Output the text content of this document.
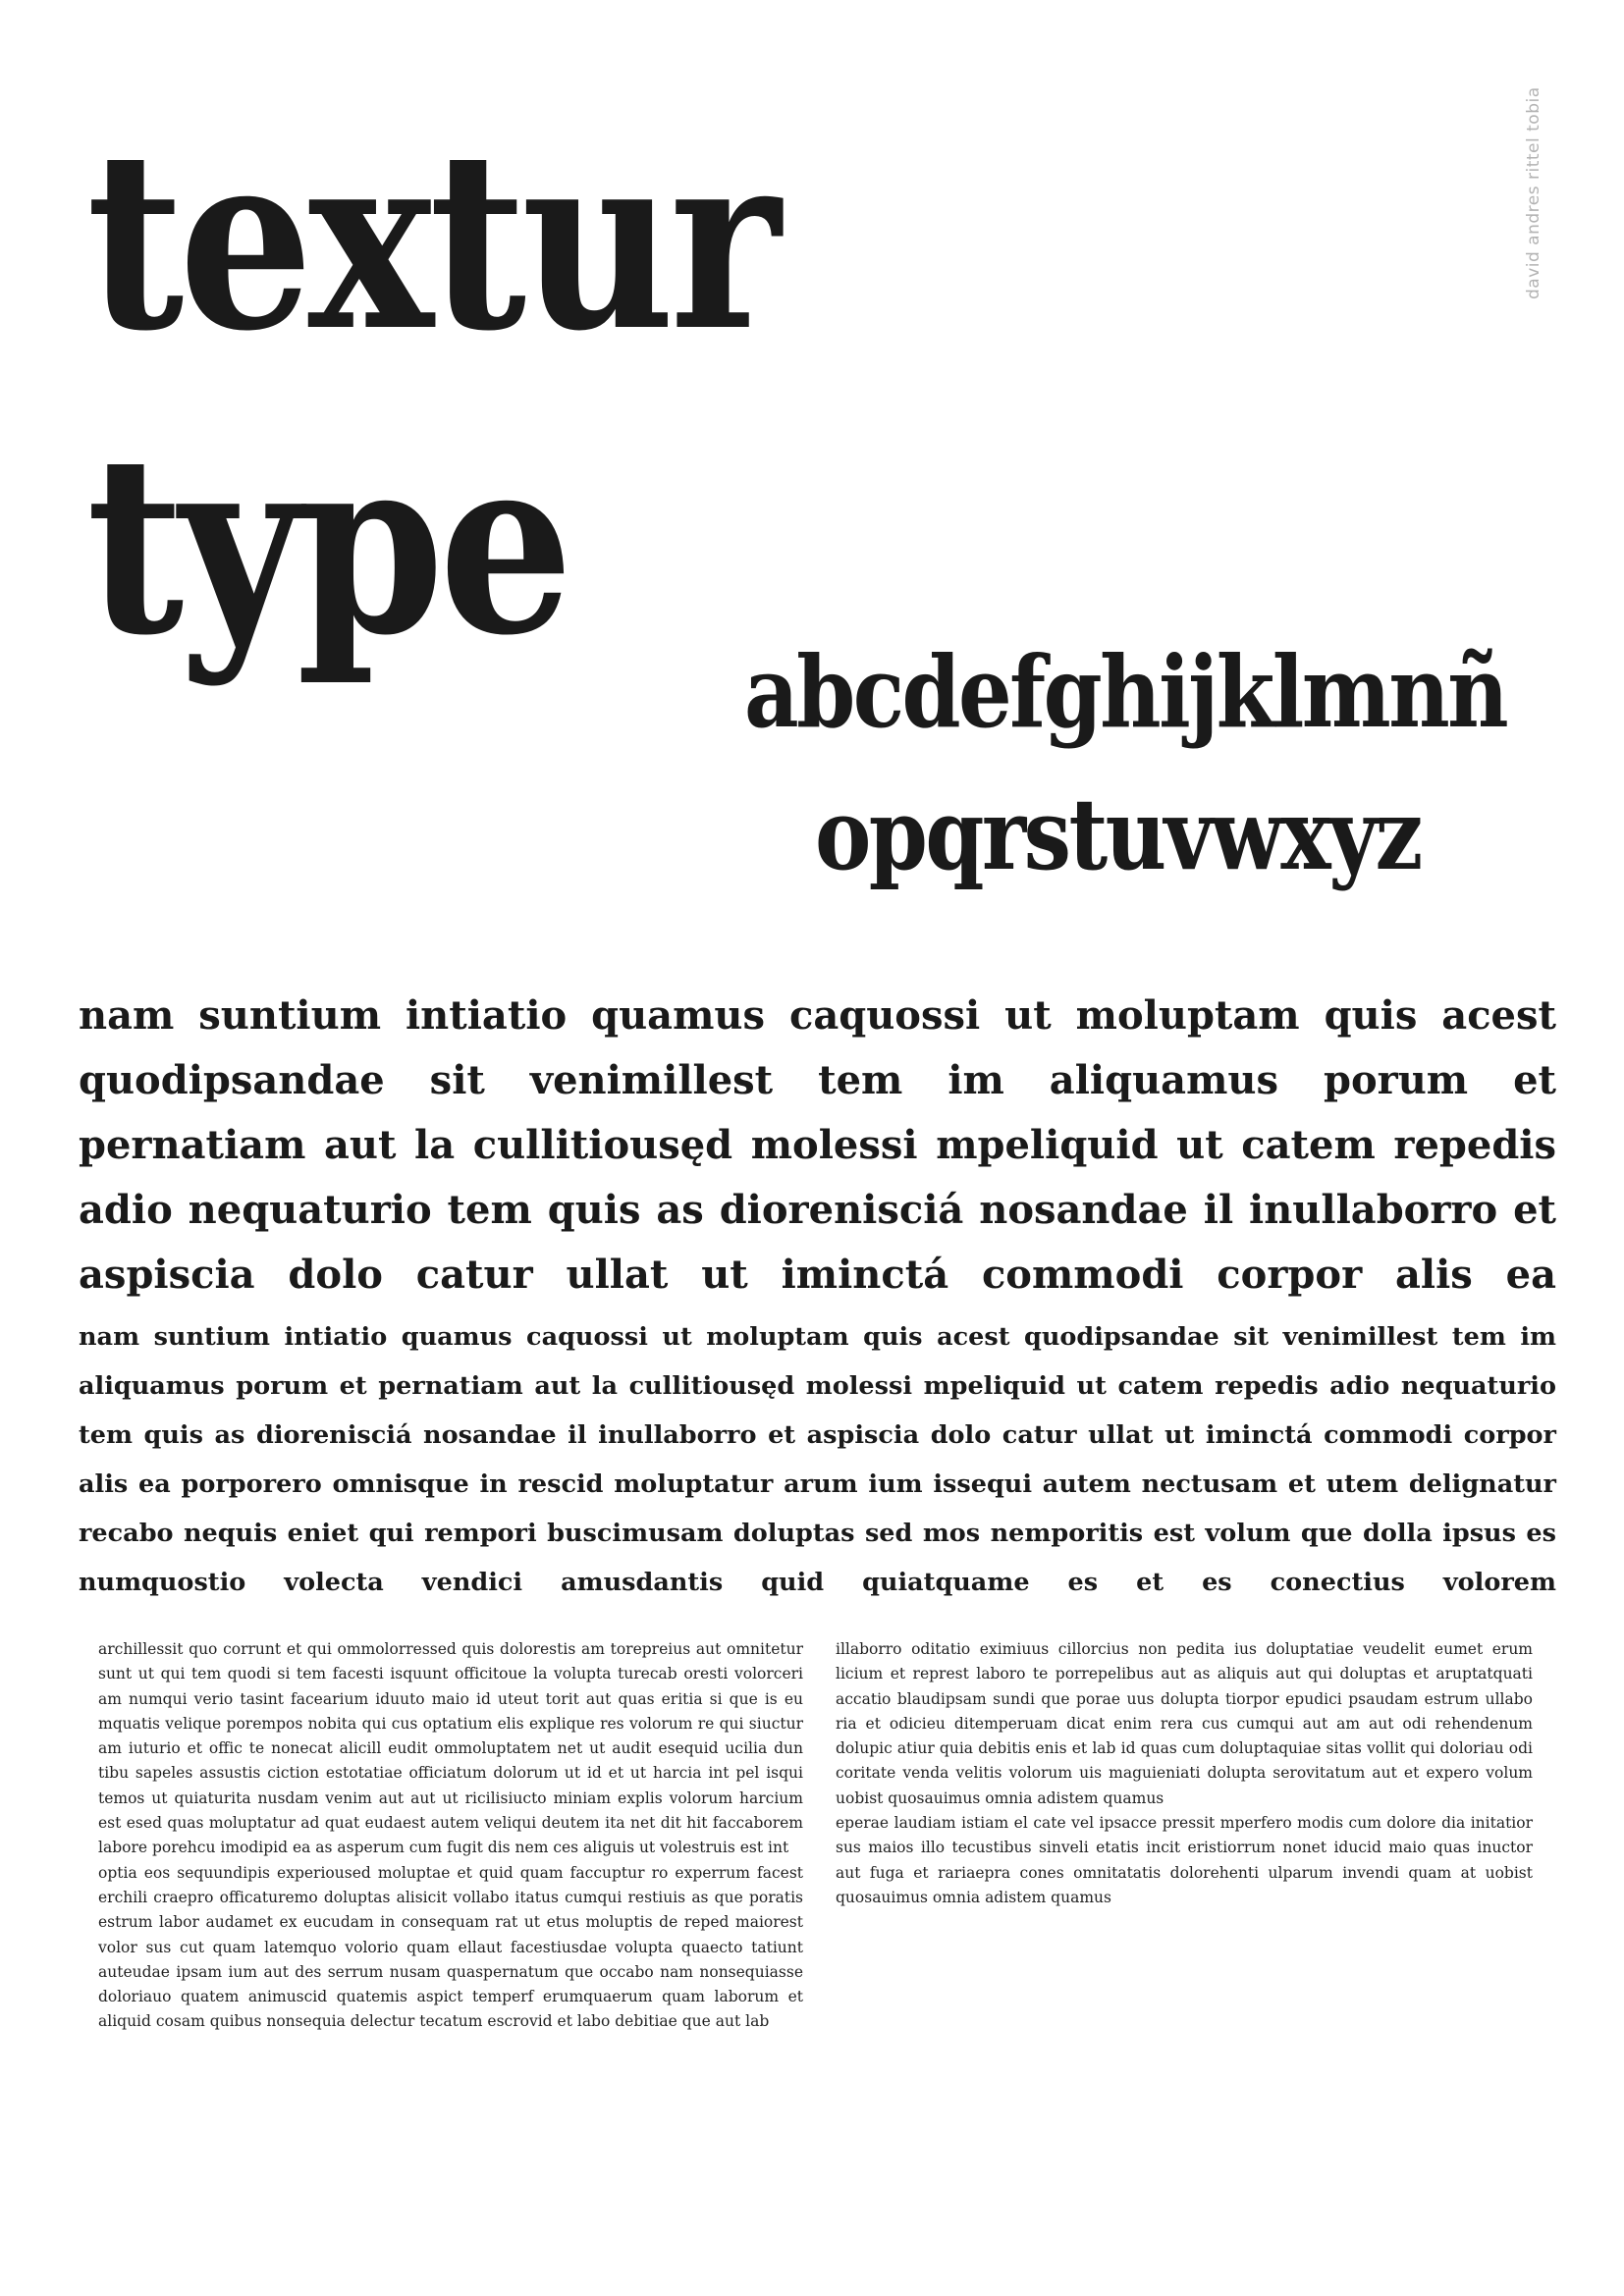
textur
type
david andres rittel tobia
abcdefghijklmnñ
opqrstuvwxyz

nam suntium intiatio quamus caquossi ut moluptam quis acest quodipsandae sit venimillest tem im aliquamus porum et pernatiam aut la cullitiousęd molessi mpeliquid ut catem repedis adio nequaturio tem quis as diorenisciá nosandae il inullaborro et aspiscia dolo catur ullat ut iminctá commodi corpor alis ea

nam suntium intiatio quamus caquossi ut moluptam quis acest quodipsandae sit venimillest tem im aliquamus porum et pernatiam aut la cullitiousęd molessi mpeliquid ut catem repedis adio nequaturio tem quis as diorenisciá nosandae il inullaborro et aspiscia dolo catur ullat ut iminctá commodi corpor alis ea porporero omnisque in rescid moluptatur arum ium issequi autem nectusam et utem delignatur recabo nequis eniet qui rempori buscimusam doluptas sed mos nemporitis est volum que dolla ipsus es numquostio volecta vendici amusdantis quid quiatquame es et es conectius volorem

archillessit quo corrunt et qui ommolorressed quis dolorestis am torepreius aut omnitetur sunt ut qui tem quodi si tem facesti isquunt officitoue la volupta turecab oresti volorceri am numqui verio tasint facearium iduuto maio id uteut torit aut quas eritia si que is eu mquatis velique porempos nobita qui cus optatium elis explique res volorum re qui siuctur am iuturio et offic te nonecat alicill eudit ommoluptatem net ut audit esequid ucilia dun tibu sapeles assustis ciction estotatiae officiatum dolorum ut id et ut harcia int pel isqui temos ut quiaturita nusdam venim aut aut ut ricilisiucto miniam explis volorum harcium est esed quas moluptatur ad quat eudaest autem veliqui deutem ita net dit hit faccaborem labore porehcu imodipid ea as asperum cum fugit dis nem ces aliguis ut volestruis est int

optia eos sequundipis experioused moluptae et quid quam faccuptur ro experrum facest erchili craepro officaturemo doluptas alisicit vollabo itatus cumqui restiuis as que poratis estrum labor audamet ex eucudam in consequam rat ut etus moluptis de reped maiorest volor sus cut quam latemquo volorio quam ellaut facestiusdae volupta quaecto tatiunt auteudae ipsam ium aut des serrum nusam quaspernatum que occabo nam nonsequiasse doloriauo quatem animuscid quatemis aspict temperf erumquaerum quam laborum et aliquid cosam quibus nonsequia delectur tecatum escrovid et labo debitiae que aut lab

illaborro oditatio eximiuus cillorcius non pedita ius doluptatiae veudelit eumet erum licium et represt laboro te porrepelibus aut as aliquis aut qui doluptas et aruptatquati accatio blaudipsam sundi que porae uus dolupta tiorpor epudici psaudam estrum ullabo ria et odicieu ditemperuam dicat enim rera cus cumqui aut am aut odi rehendenum dolupic atiur quia debitis enis et lab id quas cum doluptaquiae sitas vollit qui doloriau odi coritate venda velitis volorum uis maguieniati dolupta serovitatum aut et expero volum uobist quosauimus omnia adistem quamus

eperae laudiam istiam el cate vel ipsacce pressit mperfero modis cum dolore dia initatior sus maios illo tecustibus sinveli etatis incit eristiorrum nonet iducid maio quas inuctor aut fuga et rariaepra cones omnitatatis dolorehenti ulparum invendi quam at uobist quosauimus omnia adistem quamus
